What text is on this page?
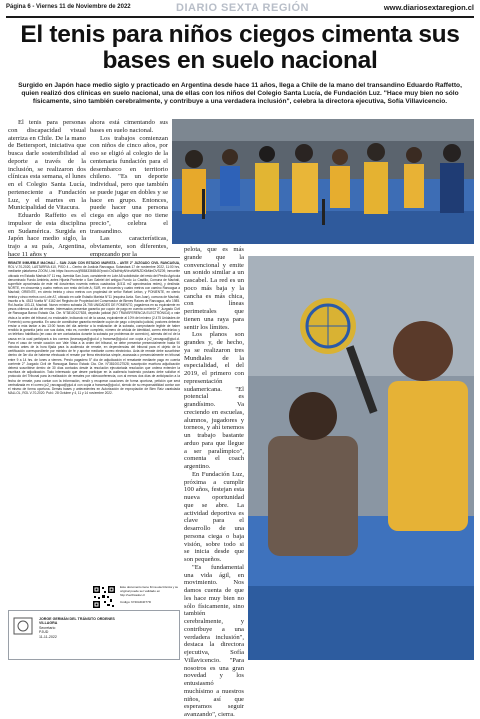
Página 6 - Viernes 11 de Noviembre de 2022	DIARIO SEXTA REGIÓN	www.diariosextaregion.cl
El tenis para niños ciegos cimenta sus bases en suelo nacional

Surgido en Japón hace medio siglo y practicado en Argentina desde hace 11 años, llega a Chile de la mano del transandino Eduardo Raffetto, quien realizó dos clínicas en suelo nacional, una de ellas con los niños del Colegio Santa Lucía, de Fundación Luz. "Hace muy bien no sólo físicamente, sino también cerebralmente, y contribuye a una verdadera inclusión", celebra la directora ejecutiva, Sofía Villavicencio.

El tenis para personas con discapacidad visual aterriza en Chile. De la mano de Bettersport, iniciativa que busca darle sostenibilidad al deporte a través de la inclusión, se realizaron dos clínicas esta semana, el lunes en el Colegio Santa Lucía, perteneciente a Fundación Luz, y el martes en la Municipalidad de Vitacura.

Eduardo Raffetto es el impulsor de esta disciplina en Sudamérica. Surgida en Japón hace medio siglo, la trajo a su país, Argentina, hace 11 años y

ahora está cimentando sus bases en suelo nacional.

Los trabajos comienzan con niños de cinco años, por eso se eligió al colegio de la centenaria fundación para el desembarco en territorio chileno. "Es un deporte individual, pero que también se puede jugar en dobles y se hace en grupo. Entonces, puede hacer una persona ciega en algo que no tiene precio", celebra el transandino.

Las características, obviamente, son diferentes, empezando por la

REMATE INMUEBLE MACHALÍ – SAN JUAN CON ESTADIO MARISTA – ANTE 2° JUZGADO CIVIL RANCAGUA, ROL V-70-2020, LASTARRIA 410, PISO 4 – Centro de Justicia Rancagua. Subastará 17 de noviembre 2022, 11:00 hrs, mediante plataforma ZOOM, Link https://zoom.us/j/98843366546?pwd=OrZkdHdyNVeuNWNZDXlkMmDVSZ09, inmueble ubicado en Estadio Marista N° 11 esq. Avenida San Juan, consistente en Lote A8 subdivisión del resto del Predio Agrícola denominado Fundo Ambieta, antes Hijuela Poniente o San Gabriel del antiguo Fundo Lo Castillo, Comuna de Machalí, superficie aproximada de este mil doscientos noventa metros cuadrados (6.511 m2 aproximados redes), y deslinda: NORTE, en cincuenta y cuatro metros con resto del lote A; SUR, en cincuenta y cuatro metros con camino Rancagua a Machalí; ORIENTE, en ciento treinta y cinco metros con propiedad de señor Rafael Leiton, y PONIENTE, en ciento treinta y cinco metros con Lote A7, ubicado en calle Estadio Marista N°11 (esquina Avda. San Juan), comuna de Machalí, inscrito a fs. 4513 Vuelta N° 4162 del Registro de Propiedad del Conservador de Bienes Raíces de Rancagua, año 1985. Rol Avalúo 103-13, Machalí. Nuevo mínimo subasta 24.755 UNIDADES DE FOMENTO, pagaderos en su equivalente en pesos chilenos al día del remate. Interesados presentar garantía por cupón de pago en cuenta corriente 2° Juzgado Civil de Rancagua Banco Estado Cta. Cte. N°38100127528, depósito judicial (NO TRANSFERENCIA ELECTRÓNICA) o vale vista a la orden del tribunal, no endosable, indicando rol de la causa, equivalente al 10% del mínimo (2.475 Unidades de Fomento) como garantía. En caso de constituirse garantía mediante cupón de pago o depósito judicial, postores deberán enviar a más tardar a las 13:00 horas del día anterior a la realización de la subasta, comprobante legible de haber rendido la garantía junto con sus datos, esto es, nombre completo, número de cédula de identidad, correo electrónico y un teléfono habilitado (en caso de ser contactados durante la subasta por problemas de conexión), además del rol de la causa en la cual participará a los correos jlcrancagua@pjud.cl y francesa@pjud.cl con copia a jc2_rancagua@pjud.cl. Para el caso de vende caución con Vale Vista a la orden del tribunal, se debe presentar presencialmente hasta 90 minutos antes de la hora fijada para la audiencia de remate, en dependencias del tribunal para el objeto de la certificación correspondiente por ministro de fe y aportar mediante correo electrónico. Acta de remate debe suscribirse dentro de 3er día de haberse efectuado el remate por firma electrónica simple, avanzada o presencialmente en tribunal entre 9 a 14 hrs. de lunes a viernes. Precio pagadero 5° día de adjudicación el rematante mediante pago en cuenta corriente 2° Juzgado Civil de Rancagua Banco Estado Cta. Cte. N°38100127528; suscripción escritura adjudicación deberá suscribirse dentro de 30 días contados desde la resolución ejecutoriada resolución que ordena extender la escritura de adjudicación. Todo interesado que desee participar en la audiencia haciendo posturas debe solicitar el protocolo del Tribunal para la realización de remates por videoconferencia, con al menos dos días de anticipación a la fecha de remate, para contar con la información, rendir y recuperar cauciones de forma oportuna, petición que será centralizada en el correo jc2_rancagua@pjud.cl con copia a francesa@pjud.cl, siendo de su responsabilidad contar con el mismo de forma oportuna. Demás bases y antecedentes en Autorización de expropiación de Bien Raíz caratulada MALLOL, ROL V-70-2020. Publ.: 28 Octubre y 4, 11 y 14 noviembre 2022.
Este documento tiene firma electrónica y su original puede ser validado en http://verificadoc.cl
Código: 6740AD4F77D
JORGE GERMÁN DEL TRÁNSITO ORDENES VILLAGRA
Secretario
PJUD
11-11-2022

pelota, que es más grande que la convencional y emite un sonido similar a un cascabel. La red es un poco más baja y la cancha es más chica, con líneas perimetrales que tienen una raya para sentir los límites.

Los planos son grandes y, de hecho, ya se realizaron tres Mundiales de la especialidad, el del 2019, el primero con representación sudamericana. "El potencial es grandísimo. Va creciendo en escuelas, alumnos, jugadores y torneos, y ahí tenemos un trabajo bastante arduo para que llegue a ser paralímpico", comenta el coach argentino.

En Fundación Luz, próxima a cumplir 100 años, festejan esta nueva oportunidad que se abre. La actividad deportiva es clave para el desarrollo de una persona ciega o baja visión, sobre todo si se inicia desde que son pequeños.

"Es fundamental una vida ágil, en movimiento. Nos damos cuenta de que les hace muy bien no sólo físicamente, sino también cerebralmente, y contribuye a una verdadera inclusión", destaca la directora ejecutiva, Sofía Villavicencio. "Para nosotros es una gran novedad y los entusiasmó muchísimo a nuestros niños, así que esperamos seguir avanzando", cierra.
